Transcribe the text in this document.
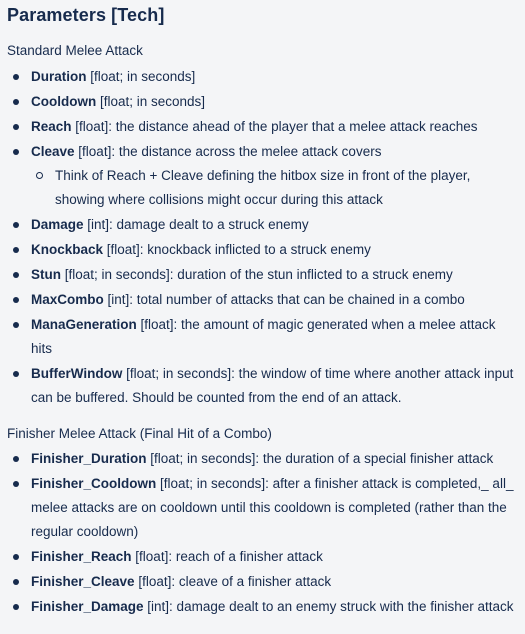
Parameters [Tech]
Standard Melee Attack
Duration [float; in seconds]
Cooldown [float; in seconds]
Reach [float]: the distance ahead of the player that a melee attack reaches
Cleave [float]: the distance across the melee attack covers
Think of Reach + Cleave defining the hitbox size in front of the player, showing where collisions might occur during this attack
Damage [int]: damage dealt to a struck enemy
Knockback [float]: knockback inflicted to a struck enemy
Stun [float; in seconds]: duration of the stun inflicted to a struck enemy
MaxCombo [int]: total number of attacks that can be chained in a combo
ManaGeneration [float]: the amount of magic generated when a melee attack hits
BufferWindow [float; in seconds]: the window of time where another attack input can be buffered. Should be counted from the end of an attack.
Finisher Melee Attack (Final Hit of a Combo)
Finisher_Duration [float; in seconds]: the duration of a special finisher attack
Finisher_Cooldown [float; in seconds]: after a finisher attack is completed,_ all_ melee attacks are on cooldown until this cooldown is completed (rather than the regular cooldown)
Finisher_Reach [float]: reach of a finisher attack
Finisher_Cleave [float]: cleave of a finisher attack
Finisher_Damage [int]: damage dealt to an enemy struck with the finisher attack
